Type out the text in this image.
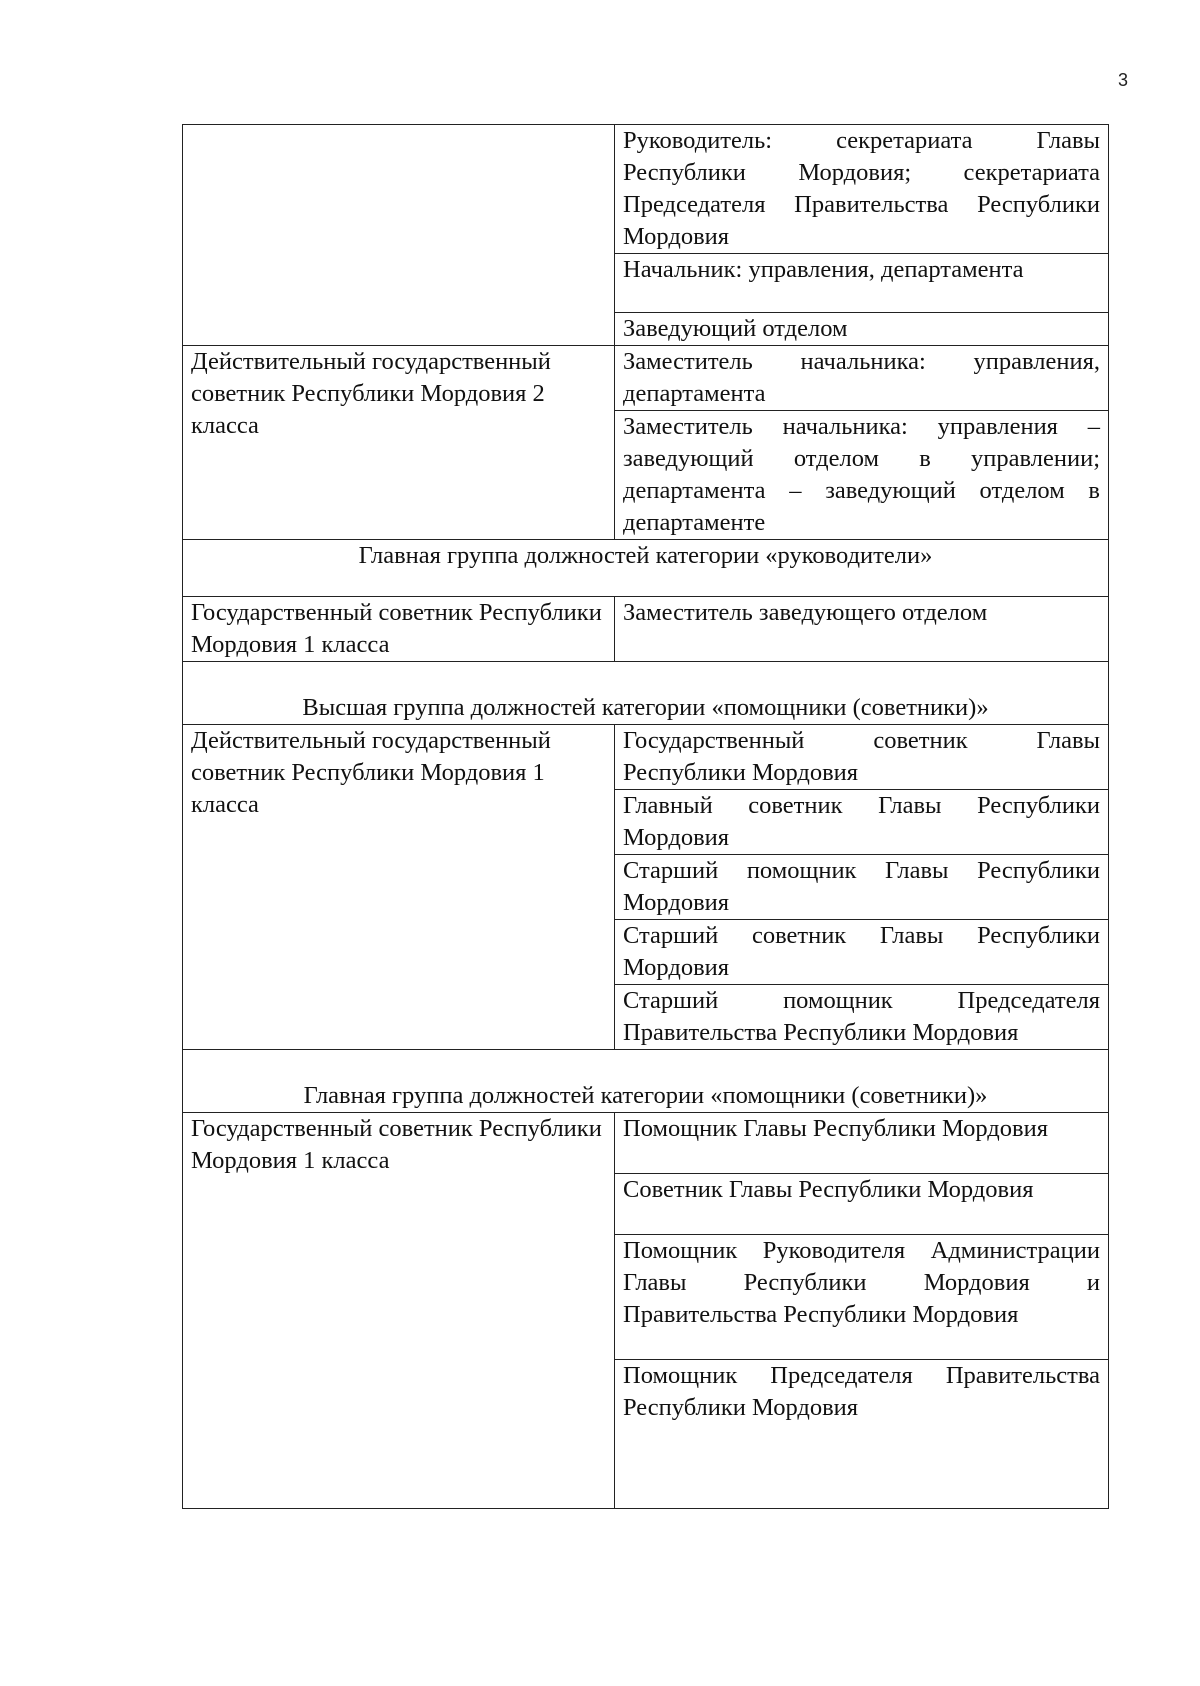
3
	Руководитель: секретариата Главы Республики Мордовия; секретариата Председателя Правительства Республики Мордовия
	Начальник: управления, департамента
	Заведующий отделом
Действительный государственный советник Республики Мордовия 2 класса	Заместитель начальника: управления, департамента
	Заместитель начальника: управления – заведующий отделом в управлении; департамента – заведующий отделом в департаменте
Главная группа должностей категории «руководители»	
Государственный советник Республики Мордовия 1 класса	Заместитель заведующего отделом
Высшая группа должностей категории «помощники (советники)»	
Действительный государственный советник Республики Мордовия 1 класса	Государственный советник Главы Республики Мордовия
	Главный советник Главы Республики Мордовия
	Старший помощник Главы Республики Мордовия
	Старший советник Главы Республики Мордовия
	Старший помощник Председателя Правительства Республики Мордовия
Главная группа должностей категории «помощники (советники)»	
Государственный советник Республики Мордовия 1 класса	Помощник Главы Республики Мордовия
	Советник Главы Республики Мордовия
	Помощник Руководителя Администрации Главы Республики Мордовия и Правительства Республики Мордовия
	Помощник Председателя Правительства Республики Мордовия
